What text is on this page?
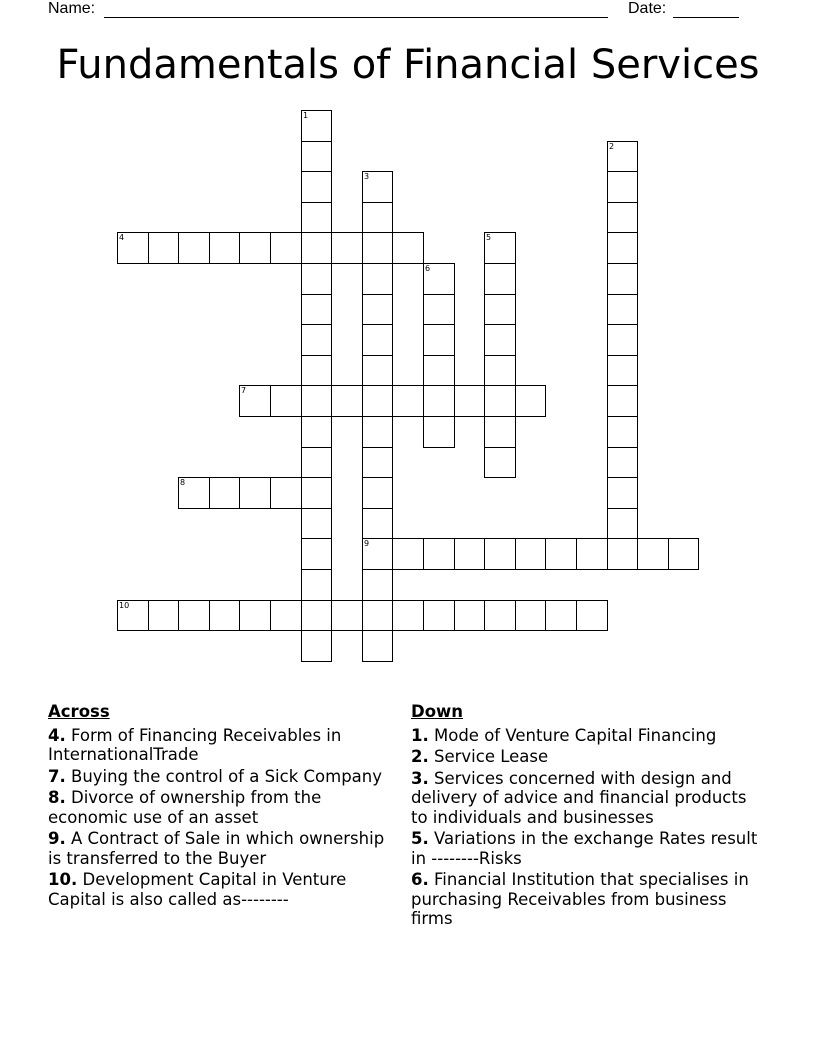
Name:	Date:
Fundamentals of Financial Services
1
2
3
9
4	5
6
7
8
10
Across
4. Form of Financing Receivables in InternationalTrade
7. Buying the control of a Sick Company
8. Divorce of ownership from the economic use of an asset
9. A Contract of Sale in which ownership is transferred to the Buyer
10. Development Capital in Venture Capital is also called as--------
Down
1. Mode of Venture Capital Financing
2. Service Lease
3. Services concerned with design and delivery of advice and financial products to individuals and businesses
5. Variations in the exchange Rates result in --------Risks
6. Financial Institution that specialises in purchasing Receivables from business firms
